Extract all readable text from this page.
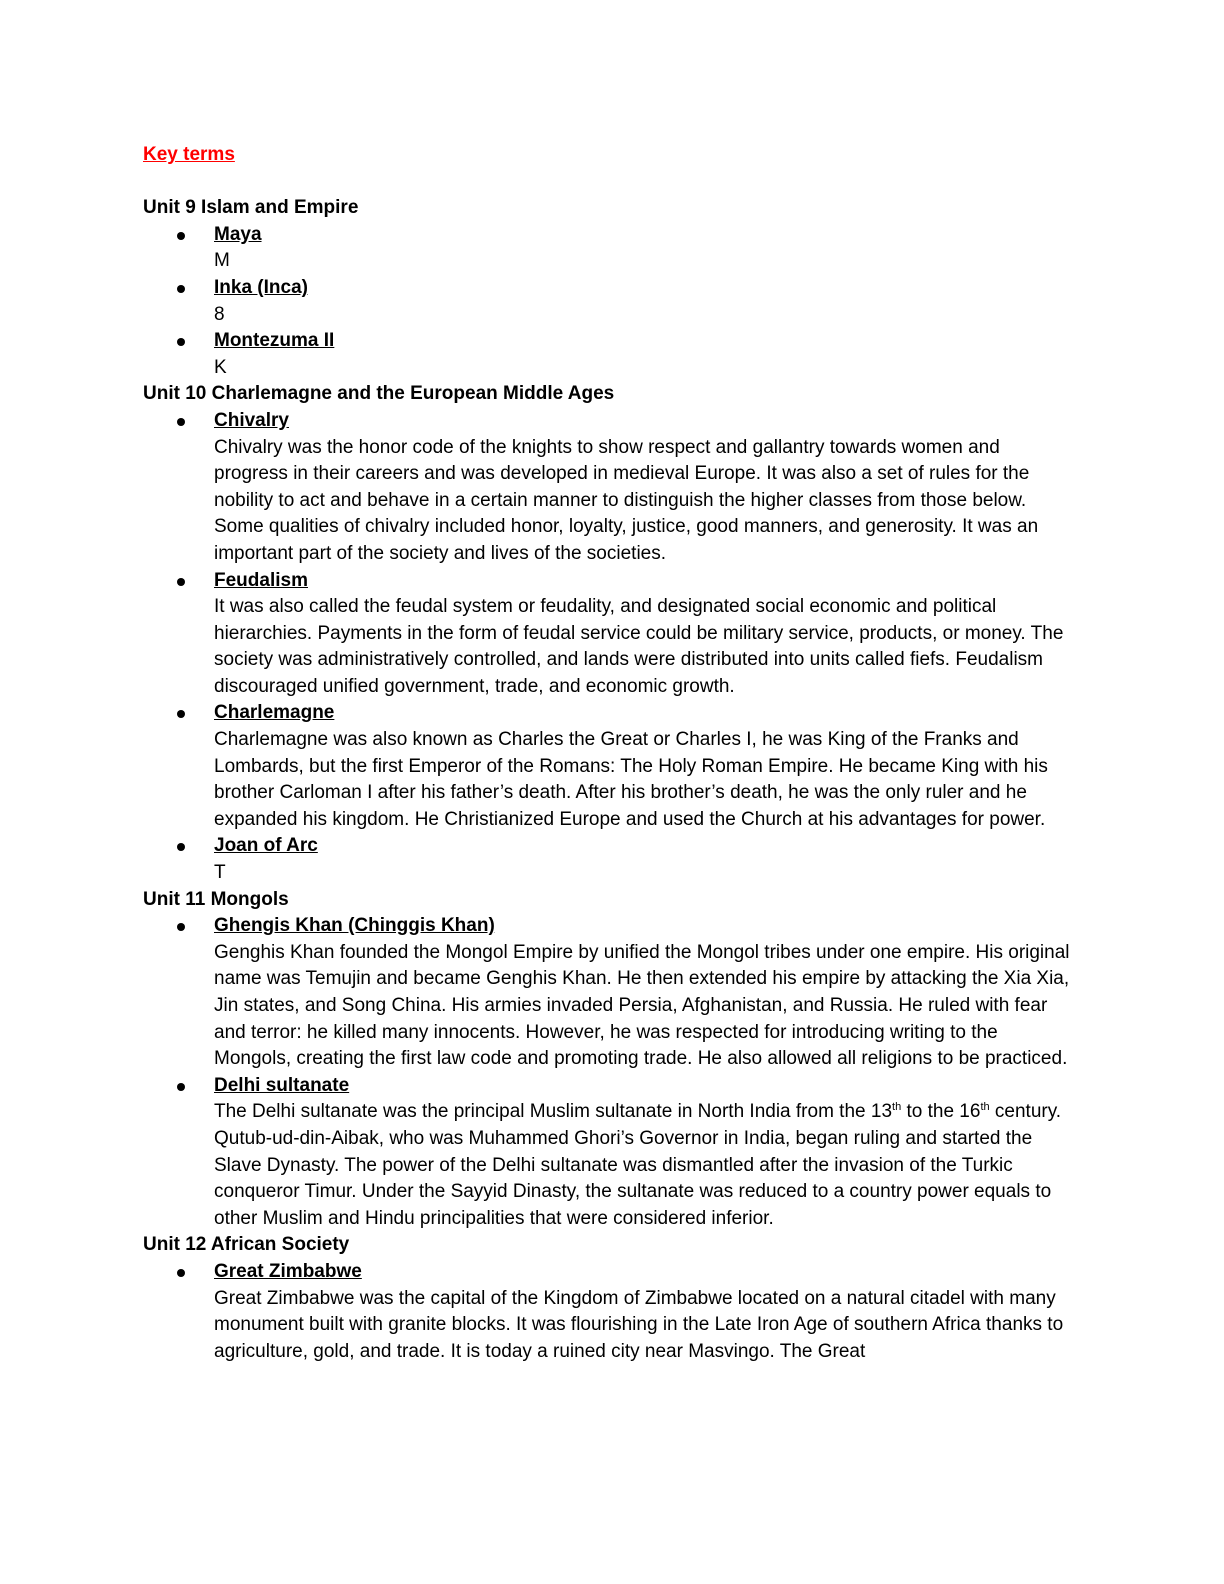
Key terms
Unit 9 Islam and Empire
Maya
M
Inka (Inca)
8
Montezuma II
K
Unit 10 Charlemagne and the European Middle Ages
Chivalry
Chivalry was the honor code of the knights to show respect and gallantry towards women and progress in their careers and was developed in medieval Europe. It was also a set of rules for the nobility to act and behave in a certain manner to distinguish the higher classes from those below. Some qualities of chivalry included honor, loyalty, justice, good manners, and generosity. It was an important part of the society and lives of the societies.
Feudalism
It was also called the feudal system or feudality, and designated social economic and political hierarchies. Payments in the form of feudal service could be military service, products, or money. The society was administratively controlled, and lands were distributed into units called fiefs. Feudalism discouraged unified government, trade, and economic growth.
Charlemagne
Charlemagne was also known as Charles the Great or Charles I, he was King of the Franks and Lombards, but the first Emperor of the Romans: The Holy Roman Empire. He became King with his brother Carloman I after his father’s death. After his brother’s death, he was the only ruler and he expanded his kingdom. He Christianized Europe and used the Church at his advantages for power.
Joan of Arc
T
Unit 11 Mongols
Ghengis Khan (Chinggis Khan)
Genghis Khan founded the Mongol Empire by unified the Mongol tribes under one empire. His original name was Temujin and became Genghis Khan. He then extended his empire by attacking the Xia Xia, Jin states, and Song China. His armies invaded Persia, Afghanistan, and Russia. He ruled with fear and terror: he killed many innocents. However, he was respected for introducing writing to the Mongols, creating the first law code and promoting trade. He also allowed all religions to be practiced.
Delhi sultanate
The Delhi sultanate was the principal Muslim sultanate in North India from the 13th to the 16th century. Qutub-ud-din-Aibak, who was Muhammed Ghori’s Governor in India, began ruling and started the Slave Dynasty. The power of the Delhi sultanate was dismantled after the invasion of the Turkic conqueror Timur. Under the Sayyid Dinasty, the sultanate was reduced to a country power equals to other Muslim and Hindu principalities that were considered inferior.
Unit 12 African Society
Great Zimbabwe
Great Zimbabwe was the capital of the Kingdom of Zimbabwe located on a natural citadel with many monument built with granite blocks. It was flourishing in the Late Iron Age of southern Africa thanks to agriculture, gold, and trade. It is today a ruined city near Masvingo. The Great
